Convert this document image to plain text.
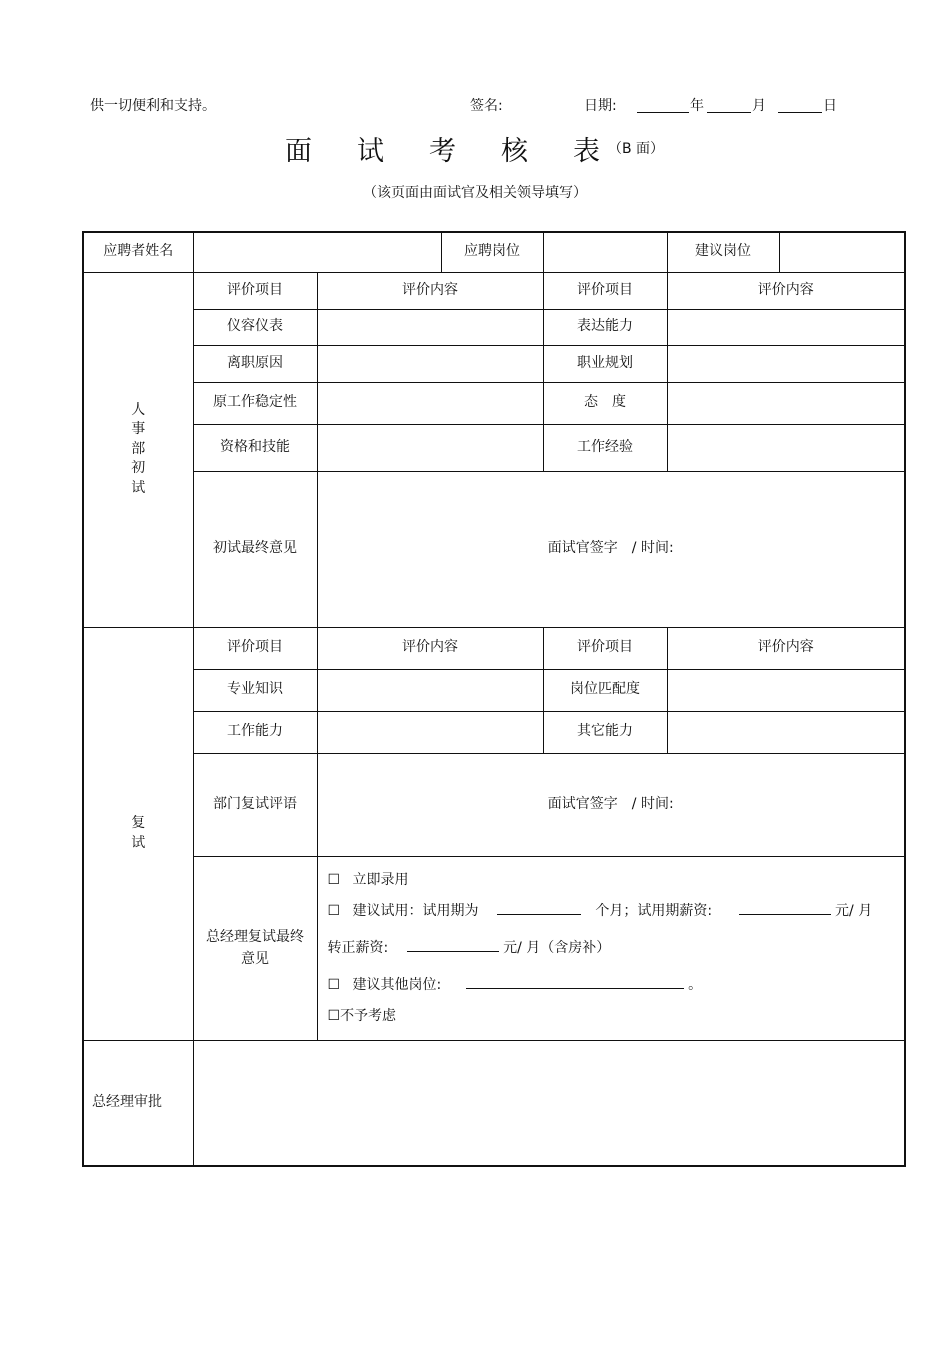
供一切便利和支持。	签名:	日期:	年	月	日
面 试 考 核 表 （B 面）
（该页面由面试官及相关领导填写）
应聘者姓名			应聘岗位		建议岗位	

人
事
部
初
试	评价项目	评价内容		评价项目	评价内容	
	仪容仪表			表达能力		
	离职原因			职业规划		
	原工作稳定性			态　度		
	资格和技能			工作经验		
	初试最终意见	面试官签字　/ 时间:				

复
试	评价项目	评价内容		评价项目	评价内容	
	专业知识			岗位匹配度		
	工作能力			其它能力		
	部门复试评语	面试官签字　/ 时间:				

	总经理复试最终意见	☐ 立即录用
☐ 建议试用：试用期为 个月；试用期薪资: 元/ 月
转正薪资: 元/ 月（含房补）
☐ 建议其他岗位: 。
☐不予考虑				

总经理审批						
